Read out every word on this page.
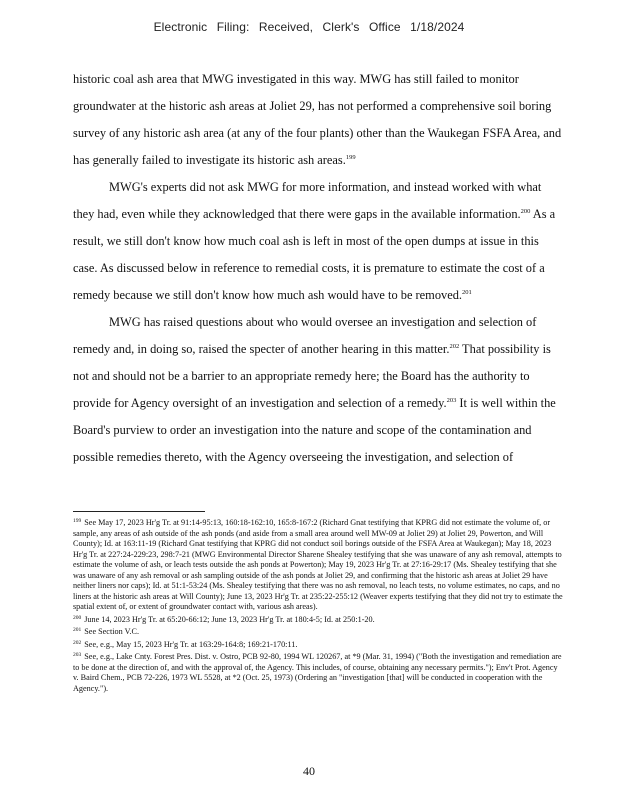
Electronic Filing: Received, Clerk's Office 1/18/2024

historic coal ash area that MWG investigated in this way. MWG has still failed to monitor groundwater at the historic ash areas at Joliet 29, has not performed a comprehensive soil boring survey of any historic ash area (at any of the four plants) other than the Waukegan FSFA Area, and has generally failed to investigate its historic ash areas.$^{199}$

MWG's experts did not ask MWG for more information, and instead worked with what they had, even while they acknowledged that there were gaps in the available information.$^{200}$ As a result, we still don't know how much coal ash is left in most of the open dumps at issue in this case. As discussed below in reference to remedial costs, it is premature to estimate the cost of a remedy because we still don't know how much ash would have to be removed.$^{201}$

MWG has raised questions about who would oversee an investigation and selection of remedy and, in doing so, raised the specter of another hearing in this matter.$^{202}$ That possibility is not and should not be a barrier to an appropriate remedy here; the Board has the authority to provide for Agency oversight of an investigation and selection of a remedy.$^{203}$ It is well within the Board's purview to order an investigation into the nature and scope of the contamination and possible remedies thereto, with the Agency overseeing the investigation, and selection of

$^{199}$ See May 17, 2023 Hr'g Tr. at 91:14-95:13, 160:18-162:10, 165:8-167:2 (Richard Gnat testifying that KPRG did not estimate the volume of, or sample, any areas of ash outside of the ash ponds (and aside from a small area around well MW-09 at Joliet 29) at Joliet 29, Powerton, and Will County); Id. at 163:11-19 (Richard Gnat testifying that KPRG did not conduct soil borings outside of the FSFA Area at Waukegan); May 18, 2023 Hr'g Tr. at 227:24-229:23, 298:7-21 (MWG Environmental Director Sharene Shealey testifying that she was unaware of any ash removal, attempts to estimate the volume of ash, or leach tests outside the ash ponds at Powerton); May 19, 2023 Hr'g Tr. at 27:16-29:17 (Ms. Shealey testifying that she was unaware of any ash removal or ash sampling outside of the ash ponds at Joliet 29, and confirming that the historic ash areas at Joliet 29 have neither liners nor caps); Id. at 51:1-53:24 (Ms. Shealey testifying that there was no ash removal, no leach tests, no volume estimates, no caps, and no liners at the historic ash areas at Will County); June 13, 2023 Hr'g Tr. at 235:22-255:12 (Weaver experts testifying that they did not try to estimate the spatial extent of, or extent of groundwater contact with, various ash areas).

$^{200}$ June 14, 2023 Hr'g Tr. at 65:20-66:12; June 13, 2023 Hr'g Tr. at 180:4-5; Id. at 250:1-20.

$^{201}$ See Section V.C.

$^{202}$ See, e.g., May 15, 2023 Hr'g Tr. at 163:29-164:8; 169:21-170:11.

$^{203}$ See, e.g., Lake Cnty. Forest Pres. Dist. v. Ostro, PCB 92-80, 1994 WL 120267, at *9 (Mar. 31, 1994) ("Both the investigation and remediation are to be done at the direction of, and with the approval of, the Agency. This includes, of course, obtaining any necessary permits."); Env't Prot. Agency v. Baird Chem., PCB 72-226, 1973 WL 5528, at *2 (Oct. 25, 1973) (Ordering an "investigation [that] will be conducted in cooperation with the Agency.").

40
